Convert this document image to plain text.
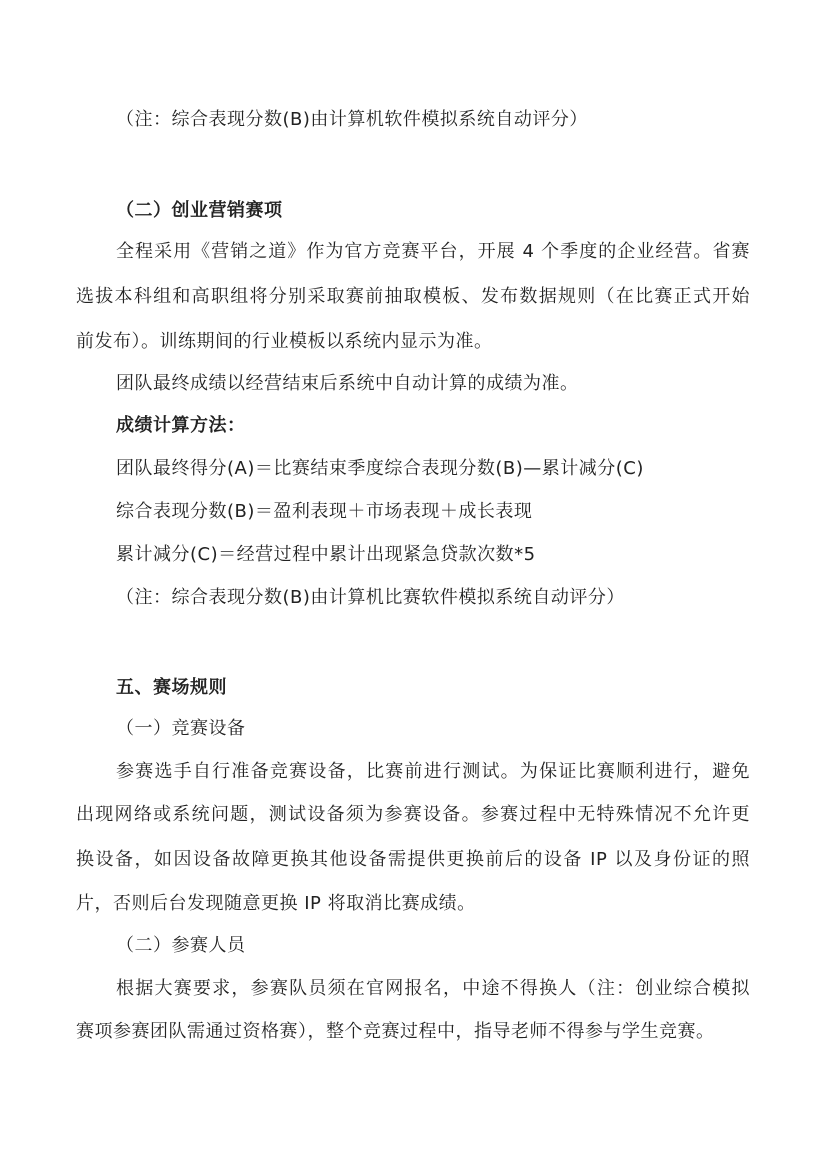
（注：综合表现分数(B)由计算机软件模拟系统自动评分）
（二）创业营销赛项
全程采用《营销之道》作为官方竞赛平台，开展 4 个季度的企业经营。省赛
选拔本科组和高职组将分别采取赛前抽取模板、发布数据规则（在比赛正式开始
前发布）。训练期间的行业模板以系统内显示为准。
团队最终成绩以经营结束后系统中自动计算的成绩为准。
成绩计算方法：
团队最终得分(A)＝比赛结束季度综合表现分数(B)—累计减分(C)
综合表现分数(B)＝盈利表现＋市场表现＋成长表现
累计减分(C)＝经营过程中累计出现紧急贷款次数*5
（注：综合表现分数(B)由计算机比赛软件模拟系统自动评分）
五、赛场规则
（一）竞赛设备
参赛选手自行准备竞赛设备，比赛前进行测试。为保证比赛顺利进行，避免
出现网络或系统问题，测试设备须为参赛设备。参赛过程中无特殊情况不允许更
换设备，如因设备故障更换其他设备需提供更换前后的设备 IP 以及身份证的照
片，否则后台发现随意更换 IP 将取消比赛成绩。
（二）参赛人员
根据大赛要求，参赛队员须在官网报名，中途不得换人（注：创业综合模拟
赛项参赛团队需通过资格赛），整个竞赛过程中，指导老师不得参与学生竞赛。
